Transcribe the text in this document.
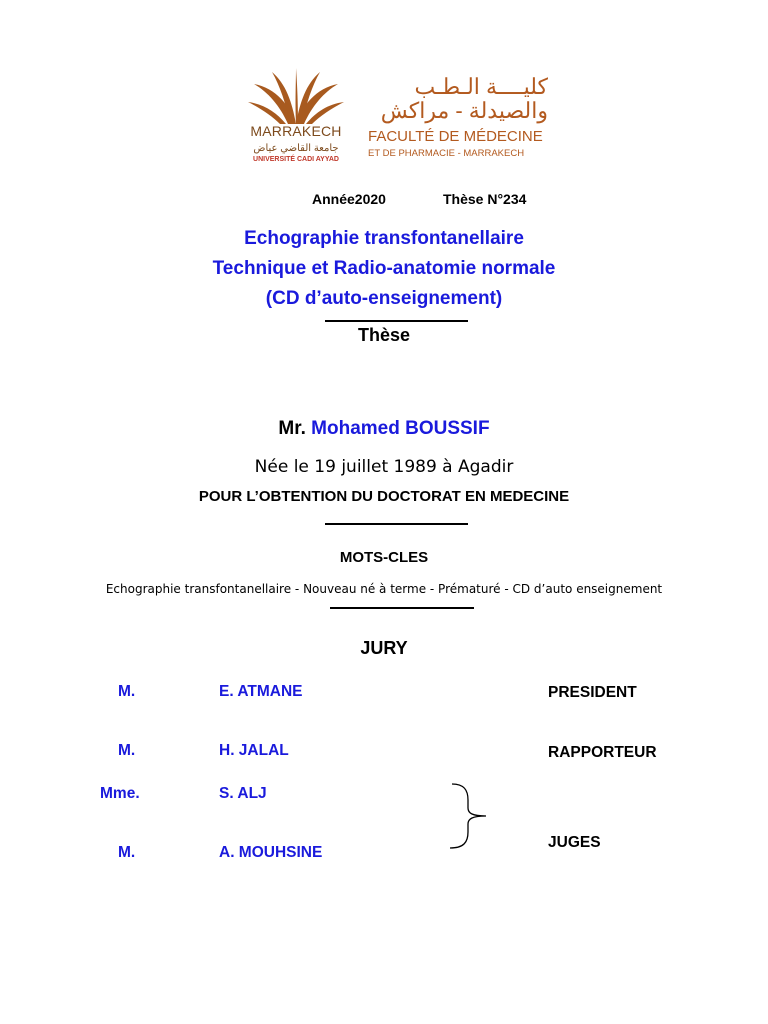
MARRAKECH
جامعة القاضي عياض
UNIVERSITÉ CADI AYYAD
كليــــة الـطـب
والصيدلة - مراكش
FACULTÉ DE MÉDECINE
ET DE PHARMACIE - MARRAKECH
Année2020	Thèse N°234
Echographie transfontanellaire
Technique et Radio-anatomie normale
(CD d’auto-enseignement)
Thèse
Mr. Mohamed BOUSSIF
Née le 19 juillet 1989 à Agadir
POUR L’OBTENTION DU DOCTORAT EN MEDECINE
MOTS-CLES
Echographie transfontanellaire - Nouveau né à terme - Prématuré - CD d’auto enseignement
JURY
M.	E. ATMANE	PRESIDENT
M.	H. JALAL	RAPPORTEUR
Mme.	S. ALJ
M.	A. MOUHSINE
JUGES
